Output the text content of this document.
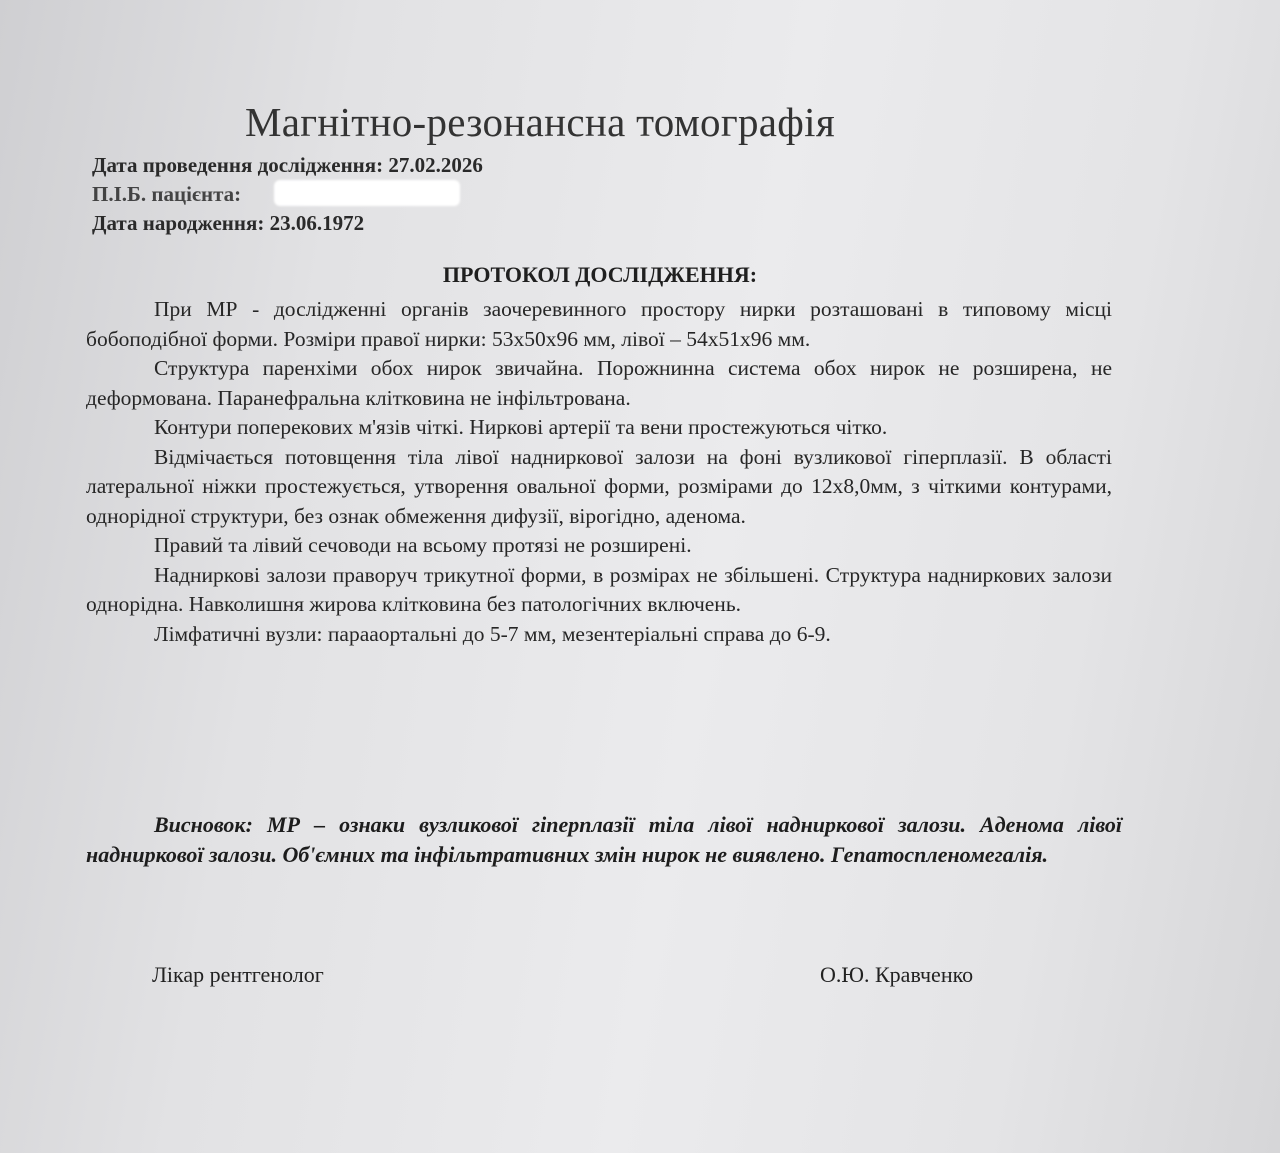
Магнітно-резонансна томографія
Дата проведення дослідження: 27.02.2026
П.І.Б. пацієнта:
Дата народження: 23.06.1972
ПРОТОКОЛ ДОСЛІДЖЕННЯ:

При МР - дослідженні органів заочеревинного простору нирки розташовані в типовому місці бобоподібної форми. Розміри правої нирки: 53х50х96 мм, лівої – 54х51х96 мм.

Структура паренхіми обох нирок звичайна. Порожнинна система обох нирок не розширена, не деформована. Паранефральна клітковина не інфільтрована.

Контури поперекових м'язів чіткі. Ниркові артерії та вени простежуються чітко.

Відмічається потовщення тіла лівої надниркової залози на фоні вузликової гіперплазії. В області латеральної ніжки простежується, утворення овальної форми, розмірами до 12х8,0мм, з чіткими контурами, однорідної структури, без ознак обмеження дифузії, вірогідно, аденома.

Правий та лівий сечоводи на всьому протязі не розширені.

Надниркові залози праворуч трикутної форми, в розмірах не збільшені. Структура надниркових залози однорідна. Навколишня жирова клітковина без патологічних включень.

Лімфатичні вузли: парааортальні до 5-7 мм, мезентеріальні справа до 6-9.

Висновок: МР – ознаки вузликової гіперплазії тіла лівої надниркової залози. Аденома лівої надниркової залози. Об'ємних та інфільтративних змін нирок не виявлено. Гепатоспленомегалія.

Лікар рентгенолог	О.Ю. Кравченко
